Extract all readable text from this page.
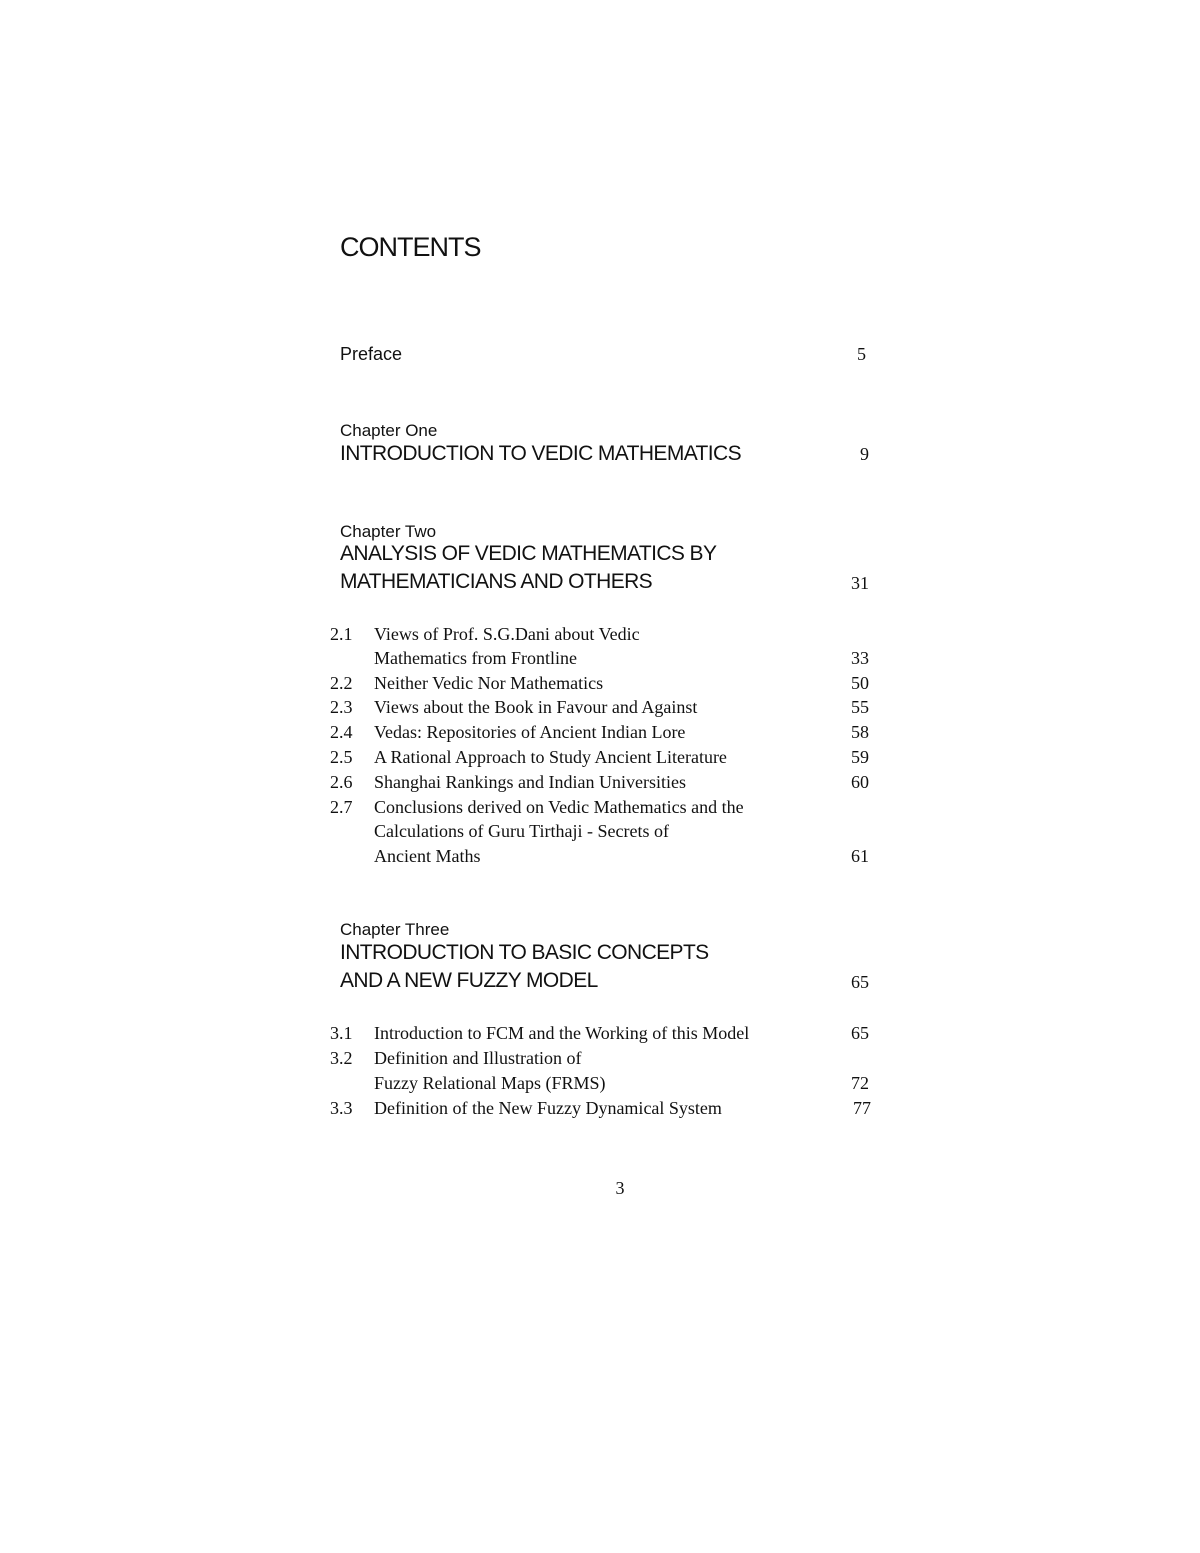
CONTENTS
Preface	5
Chapter One
INTRODUCTION TO VEDIC MATHEMATICS	9
Chapter Two
ANALYSIS OF VEDIC MATHEMATICS BY
MATHEMATICIANS AND OTHERS	31
2.1 Views of Prof. S.G.Dani about Vedic
Mathematics from Frontline	33
2.2 Neither Vedic Nor Mathematics	50
2.3 Views about the Book in Favour and Against	55
2.4 Vedas: Repositories of Ancient Indian Lore	58
2.5 A Rational Approach to Study Ancient Literature	59
2.6 Shanghai Rankings and Indian Universities	60
2.7 Conclusions derived on Vedic Mathematics and the
Calculations of Guru Tirthaji - Secrets of
Ancient Maths	61
Chapter Three
INTRODUCTION TO BASIC CONCEPTS
AND A NEW FUZZY MODEL	65
3.1 Introduction to FCM and the Working of this Model	65
3.2 Definition and Illustration of
Fuzzy Relational Maps (FRMS)	72
3.3 Definition of the New Fuzzy Dynamical System	77
3
